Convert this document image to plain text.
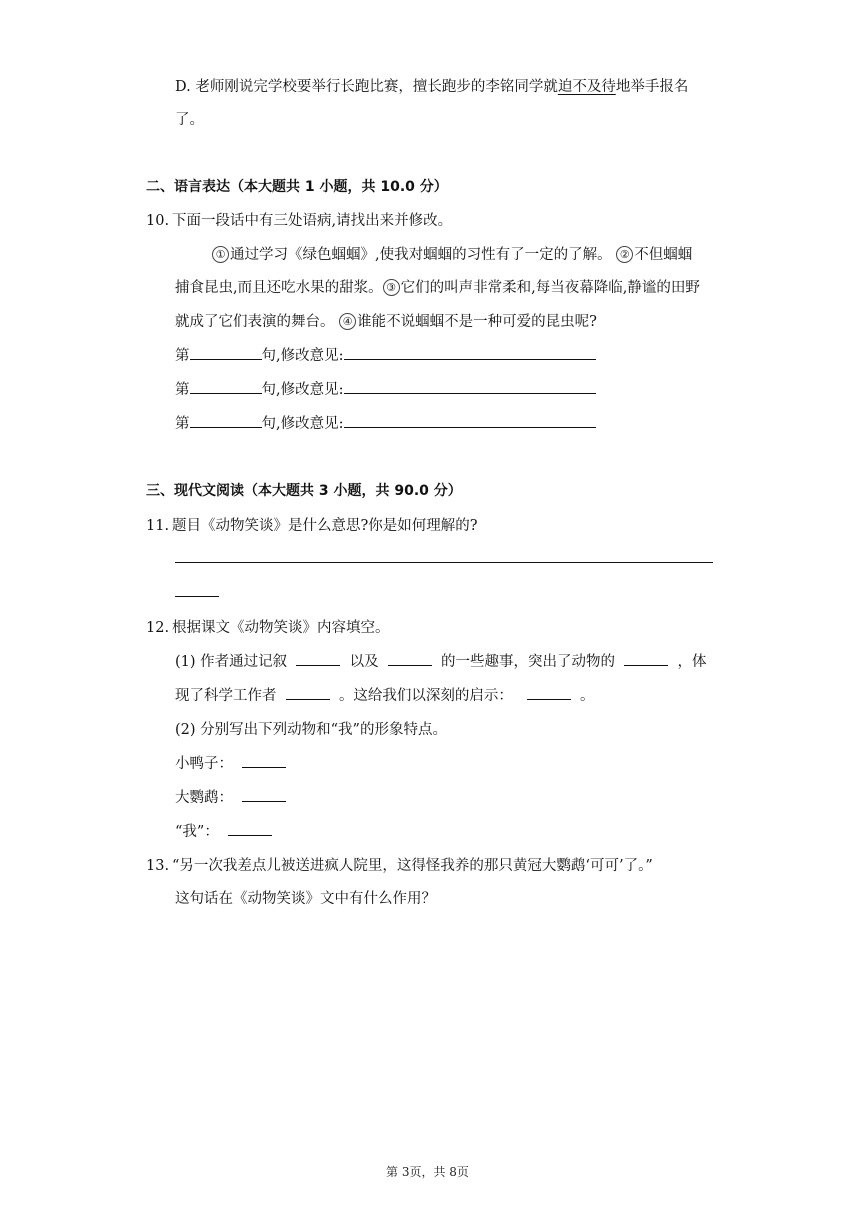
D. 老师刚说完学校要举行长跑比赛，擅长跑步的李铭同学就迫不及待地举手报名
了。
二、语言表达（本大题共 1 小题，共 10.0 分）
10. 下面一段话中有三处语病,请找出来并修改。
① 通过学习《绿色蝈蝈》,使我对蝈蝈的习性有了一定的了解。 ② 不但蝈蝈
捕食昆虫,而且还吃水果的甜浆。 ③ 它们的叫声非常柔和,每当夜幕降临,静谧的田野
就成了它们表演的舞台。 ④ 谁能不说蝈蝈不是一种可爱的昆虫呢?
第	句,修改意见:
第	句,修改意见:
第	句,修改意见:
三、现代文阅读（本大题共 3 小题，共 90.0 分）
11. 题目《动物笑谈》是什么意思?你是如何理解的?
12. 根据课文《动物笑谈》内容填空。
(1) 作者通过记叙	以及	的一些趣事，突出了动物的	，体
现了科学工作者	。这给我们以深刻的启示：	。
(2) 分别写出下列动物和“我”的形象特点。
小鸭子：
大鹦鹉：
“我”：
13. “另一次我差点儿被送进疯人院里，这得怪我养的那只黄冠大鹦鹉‘可可’了。”
这句话在《动物笑谈》文中有什么作用？
第 3页，共 8页
